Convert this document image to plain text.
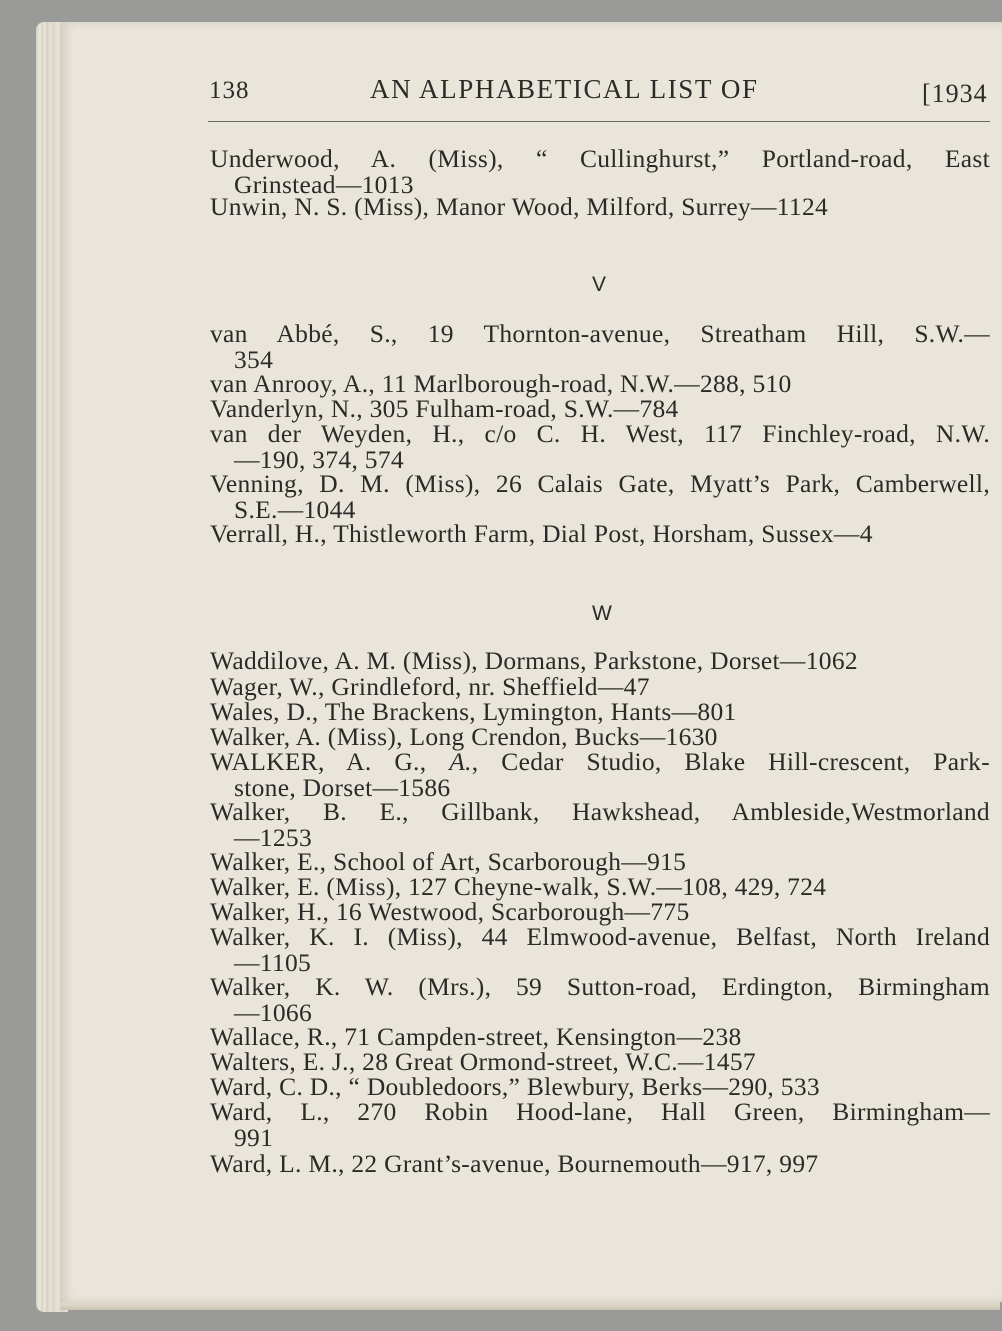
138	AN ALPHABETICAL LIST OF	[1934
Underwood, A. (Miss), “ Cullinghurst,” Portland-road, East
Grinstead—1013
Unwin, N. S. (Miss), Manor Wood, Milford, Surrey—1124
V
van Abbé, S., 19 Thornton-avenue, Streatham Hill, S.W.—
354
van Anrooy, A., 11 Marlborough-road, N.W.—288, 510
Vanderlyn, N., 305 Fulham-road, S.W.—784
van der Weyden, H., c/o C. H. West, 117 Finchley-road, N.W.
—190, 374, 574
Venning, D. M. (Miss), 26 Calais Gate, Myatt’s Park, Camberwell,
S.E.—1044
Verrall, H., Thistleworth Farm, Dial Post, Horsham, Sussex—4
W
Waddilove, A. M. (Miss), Dormans, Parkstone, Dorset—1062
Wager, W., Grindleford, nr. Sheffield—47
Wales, D., The Brackens, Lymington, Hants—801
Walker, A. (Miss), Long Crendon, Bucks—1630
WALKER, A. G., A., Cedar Studio, Blake Hill-crescent, Park-
stone, Dorset—1586
Walker, B. E., Gillbank, Hawkshead, Ambleside,Westmorland
—1253
Walker, E., School of Art, Scarborough—915
Walker, E. (Miss), 127 Cheyne-walk, S.W.—108, 429, 724
Walker, H., 16 Westwood, Scarborough—775
Walker, K. I. (Miss), 44 Elmwood-avenue, Belfast, North Ireland
—1105
Walker, K. W. (Mrs.), 59 Sutton-road, Erdington, Birmingham
—1066
Wallace, R., 71 Campden-street, Kensington—238
Walters, E. J., 28 Great Ormond-street, W.C.—1457
Ward, C. D., “ Doubledoors,” Blewbury, Berks—290, 533
Ward, L., 270 Robin Hood-lane, Hall Green, Birmingham—
991
Ward, L. M., 22 Grant’s-avenue, Bournemouth—917, 997
